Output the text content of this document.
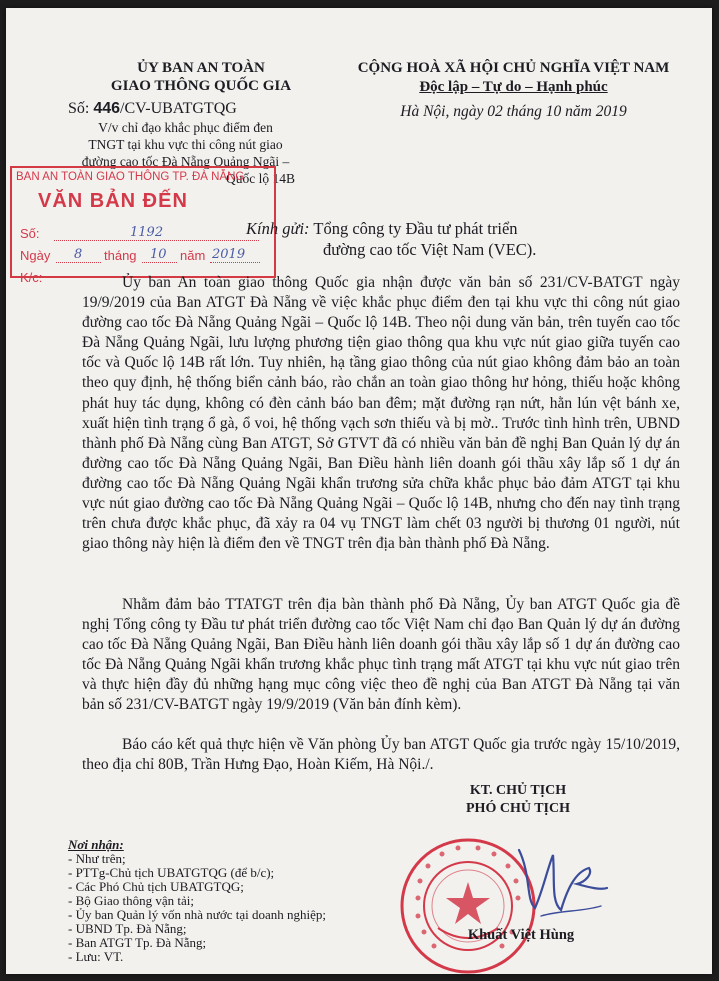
ỦY BAN AN TOÀN
GIAO THÔNG QUỐC GIA
CỘNG HOÀ XÃ HỘI CHỦ NGHĨA VIỆT NAM
Độc lập – Tự do – Hạnh phúc
Số: 446/CV-UBATGTQG	Hà Nội, ngày 02 tháng 10 năm 2019
V/v chỉ đạo khắc phục điểm đen
TNGT tại khu vực thi công nút giao
đường cao tốc Đà Nẵng Quảng Ngãi –
Quốc lộ 14B
BAN AN TOÀN GIAO THÔNG TP. ĐÀ NẴNG
VĂN BẢN ĐẾN
Số:	1192
Ngày 8 tháng 10 năm 2019
K/c:
Kính gửi: Tổng công ty Đầu tư phát triển
đường cao tốc Việt Nam (VEC).

Ủy ban An toàn giao thông Quốc gia nhận được văn bản số 231/CV-BATGT ngày 19/9/2019 của Ban ATGT Đà Nẵng về việc khắc phục điểm đen tại khu vực thi công nút giao đường cao tốc Đà Nẵng Quảng Ngãi – Quốc lộ 14B. Theo nội dung văn bản, trên tuyến cao tốc Đà Nẵng Quảng Ngãi, lưu lượng phương tiện giao thông qua khu vực nút giao giữa tuyến cao tốc và Quốc lộ 14B rất lớn. Tuy nhiên, hạ tầng giao thông của nút giao không đảm bảo an toàn theo quy định, hệ thống biển cảnh báo, rào chắn an toàn giao thông hư hỏng, thiếu hoặc không phát huy tác dụng, không có đèn cảnh báo ban đêm; mặt đường rạn nứt, hằn lún vệt bánh xe, xuất hiện tình trạng ổ gà, ổ voi, hệ thống vạch sơn thiếu và bị mờ.. Trước tình hình trên, UBND thành phố Đà Nẵng cùng Ban ATGT, Sở GTVT đã có nhiều văn bản đề nghị Ban Quản lý dự án đường cao tốc Đà Nẵng Quảng Ngãi, Ban Điều hành liên doanh gói thầu xây lắp số 1 dự án đường cao tốc Đà Nẵng Quảng Ngãi khẩn trương sửa chữa khắc phục bảo đảm ATGT tại khu vực nút giao đường cao tốc Đà Nẵng Quảng Ngãi – Quốc lộ 14B, nhưng cho đến nay tình trạng trên chưa được khắc phục, đã xảy ra 04 vụ TNGT làm chết 03 người bị thương 01 người, nút giao thông này hiện là điểm đen về TNGT trên địa bàn thành phố Đà Nẵng.

Nhằm đảm bảo TTATGT trên địa bàn thành phố Đà Nẵng, Ủy ban ATGT Quốc gia đề nghị Tổng công ty Đầu tư phát triển đường cao tốc Việt Nam chỉ đạo Ban Quản lý dự án đường cao tốc Đà Nẵng Quảng Ngãi, Ban Điều hành liên doanh gói thầu xây lắp số 1 dự án đường cao tốc Đà Nẵng Quảng Ngãi khẩn trương khắc phục tình trạng mất ATGT tại khu vực nút giao trên và thực hiện đầy đủ những hạng mục công việc theo đề nghị của Ban ATGT Đà Nẵng tại văn bản số 231/CV-BATGT ngày 19/9/2019 (Văn bản đính kèm).

Báo cáo kết quả thực hiện về Văn phòng Ủy ban ATGT Quốc gia trước ngày 15/10/2019, theo địa chỉ 80B, Trần Hưng Đạo, Hoàn Kiếm, Hà Nội./.

Nơi nhận:
- Như trên;
- PTTg-Chủ tịch UBATGTQG (để b/c);
- Các Phó Chủ tịch UBATGTQG;
- Bộ Giao thông vận tải;
- Ủy ban Quản lý vốn nhà nước tại doanh nghiệp;
- UBND Tp. Đà Nẵng;
- Ban ATGT Tp. Đà Nẵng;
- Lưu: VT.
KT. CHỦ TỊCH
PHÓ CHỦ TỊCH
Khuất Việt Hùng
